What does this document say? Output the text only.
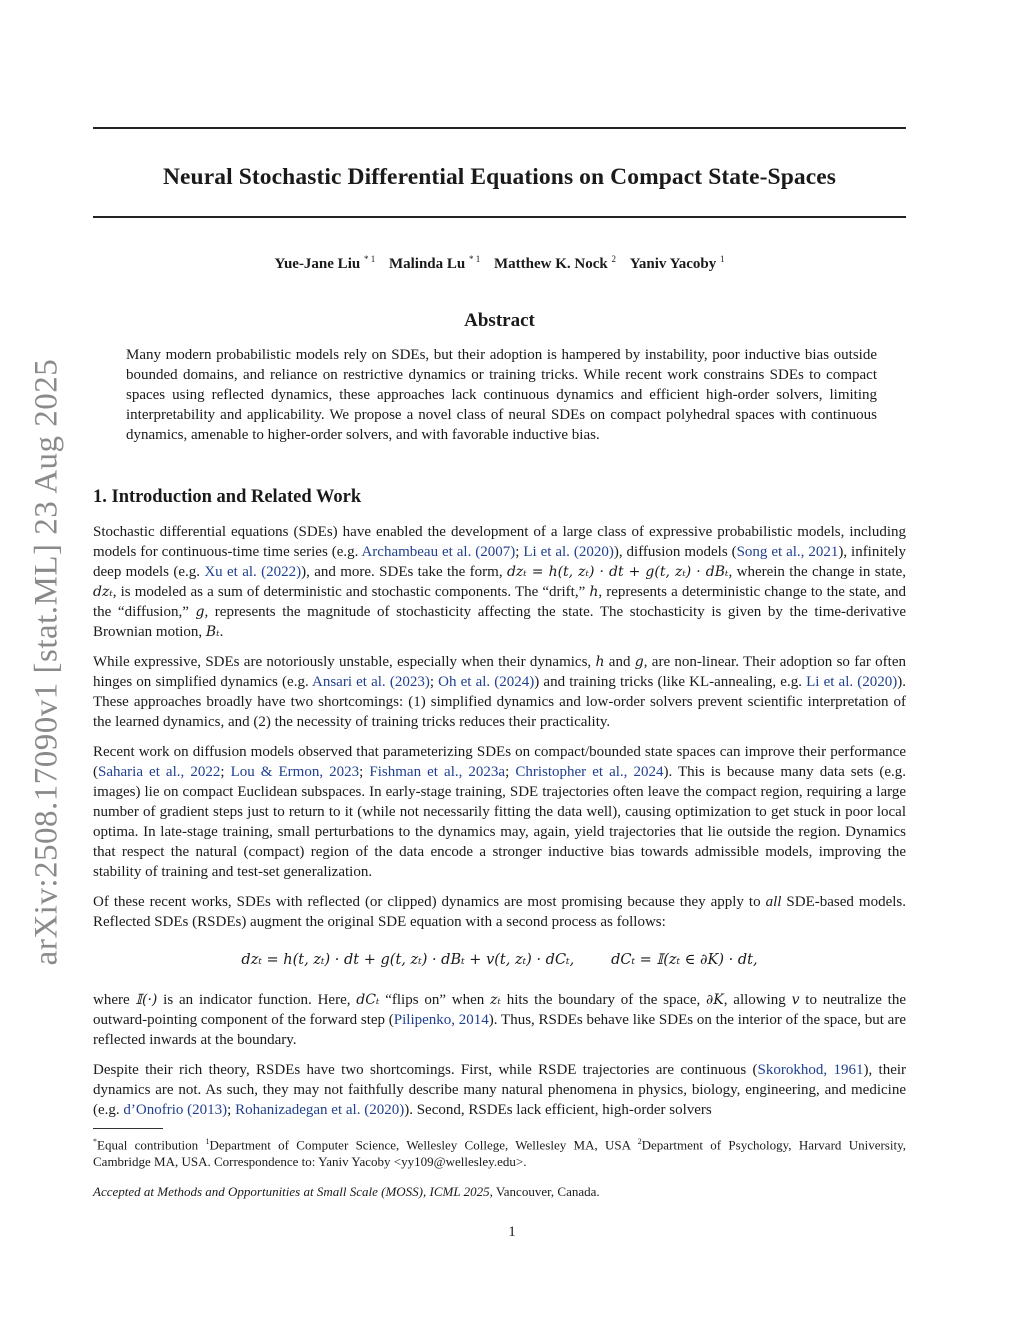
arXiv:2508.17090v1 [stat.ML] 23 Aug 2025
Neural Stochastic Differential Equations on Compact State-Spaces
Yue-Jane Liu $^{* 1}$ Malinda Lu $^{* 1}$ Matthew K. Nock $^2$ Yaniv Yacoby $^1$
Abstract
Many modern probabilistic models rely on SDEs, but their adoption is hampered by instability, poor inductive bias outside bounded domains, and reliance on restrictive dynamics or training tricks. While recent work constrains SDEs to compact spaces using reflected dynamics, these approaches lack continuous dynamics and efficient high-order solvers, limiting interpretability and applicability. We propose a novel class of neural SDEs on compact polyhedral spaces with continuous dynamics, amenable to higher-order solvers, and with favorable inductive bias.
1. Introduction and Related Work

Stochastic differential equations (SDEs) have enabled the development of a large class of expressive probabilistic models, including models for continuous-time time series (e.g. Archambeau et al. (2007); Li et al. (2020)), diffusion models (Song et al., 2021), infinitely deep models (e.g. Xu et al. (2022)), and more. SDEs take the form, dzₜ = h(t, zₜ) · dt + g(t, zₜ) · dBₜ, wherein the change in state, dzₜ, is modeled as a sum of deterministic and stochastic components. The “drift,” h, represents a deterministic change to the state, and the “diffusion,” g, represents the magnitude of stochasticity affecting the state. The stochasticity is given by the time-derivative Brownian motion, Bₜ.

While expressive, SDEs are notoriously unstable, especially when their dynamics, h and g, are non-linear. Their adoption so far often hinges on simplified dynamics (e.g. Ansari et al. (2023); Oh et al. (2024)) and training tricks (like KL-annealing, e.g. Li et al. (2020)). These approaches broadly have two shortcomings: (1) simplified dynamics and low-order solvers prevent scientific interpretation of the learned dynamics, and (2) the necessity of training tricks reduces their practicality.

Recent work on diffusion models observed that parameterizing SDEs on compact/bounded state spaces can improve their performance (Saharia et al., 2022; Lou & Ermon, 2023; Fishman et al., 2023a; Christopher et al., 2024). This is because many data sets (e.g. images) lie on compact Euclidean subspaces. In early-stage training, SDE trajectories often leave the compact region, requiring a large number of gradient steps just to return to it (while not necessarily fitting the data well), causing optimization to get stuck in poor local optima. In late-stage training, small perturbations to the dynamics may, again, yield trajectories that lie outside the region. Dynamics that respect the natural (compact) region of the data encode a stronger inductive bias towards admissible models, improving the stability of training and test-set generalization.

Of these recent works, SDEs with reflected (or clipped) dynamics are most promising because they apply to all SDE-based models. Reflected SDEs (RSDEs) augment the original SDE equation with a second process as follows:

dzₜ = h(t, zₜ) · dt + g(t, zₜ) · dBₜ + v(t, zₜ) · dCₜ,        dCₜ = 𝕀(zₜ ∈ ∂K) · dt,

where 𝕀(·) is an indicator function. Here, dCₜ “flips on” when zₜ hits the boundary of the space, ∂K, allowing v to neutralize the outward-pointing component of the forward step (Pilipenko, 2014). Thus, RSDEs behave like SDEs on the interior of the space, but are reflected inwards at the boundary.

Despite their rich theory, RSDEs have two shortcomings. First, while RSDE trajectories are continuous (Skorokhod, 1961), their dynamics are not. As such, they may not faithfully describe many natural phenomena in physics, biology, engineering, and medicine (e.g. d’Onofrio (2013); Rohanizadegan et al. (2020)). Second, RSDEs lack efficient, high-order solvers

*Equal contribution $^1$Department of Computer Science, Wellesley College, Wellesley MA, USA $^2$Department of Psychology, Harvard University, Cambridge MA, USA. Correspondence to: Yaniv Yacoby <yy109@wellesley.edu>.
Accepted at Methods and Opportunities at Small Scale (MOSS), ICML 2025, Vancouver, Canada.
1
